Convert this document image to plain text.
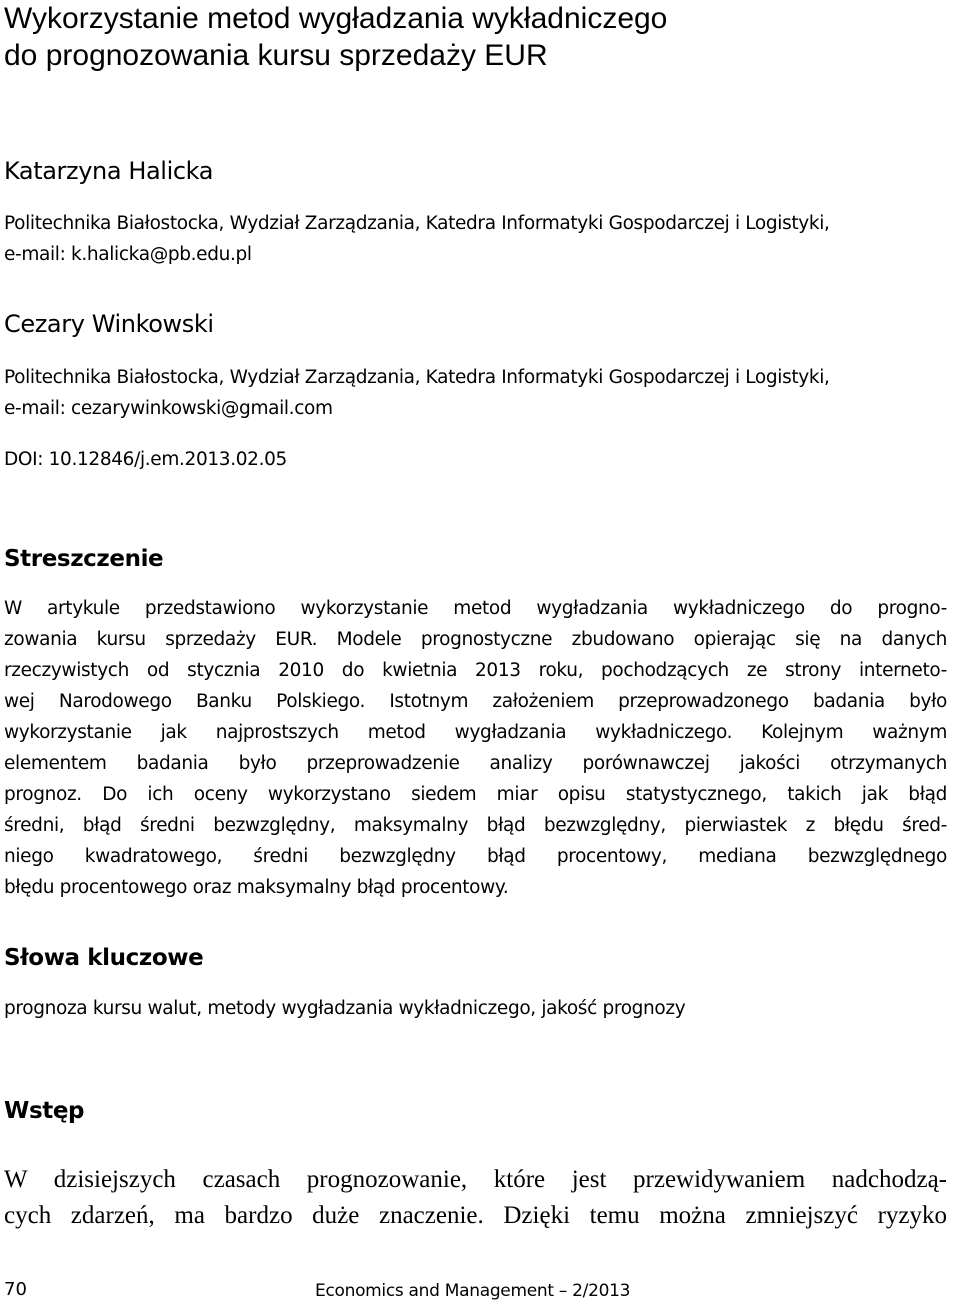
Wykorzystanie metod wygładzania wykładniczego
do prognozowania kursu sprzedaży EUR
Katarzyna Halicka
Politechnika Białostocka, Wydział Zarządzania, Katedra Informatyki Gospodarczej i Logistyki,
e-mail: k.halicka@pb.edu.pl
Cezary Winkowski
Politechnika Białostocka, Wydział Zarządzania, Katedra Informatyki Gospodarczej i Logistyki,
e-mail: cezarywinkowski@gmail.com
DOI: 10.12846/j.em.2013.02.05
Streszczenie
W artykule przedstawiono wykorzystanie metod wygładzania wykładniczego do progno-
zowania kursu sprzedaży EUR. Modele prognostyczne zbudowano opierając się na danych
rzeczywistych od stycznia 2010 do kwietnia 2013 roku, pochodzących ze strony interneto-
wej Narodowego Banku Polskiego. Istotnym założeniem przeprowadzonego badania było
wykorzystanie jak najprostszych metod wygładzania wykładniczego. Kolejnym ważnym
elementem badania było przeprowadzenie analizy porównawczej jakości otrzymanych
prognoz. Do ich oceny wykorzystano siedem miar opisu statystycznego, takich jak błąd
średni, błąd średni bezwzględny, maksymalny błąd bezwzględny, pierwiastek z błędu śred-
niego kwadratowego, średni bezwzględny błąd procentowy, mediana bezwzględnego
błędu procentowego oraz maksymalny błąd procentowy.
Słowa kluczowe
prognoza kursu walut, metody wygładzania wykładniczego, jakość prognozy
Wstęp
W dzisiejszych czasach prognozowanie, które jest przewidywaniem nadchodzą-
cych zdarzeń, ma bardzo duże znaczenie. Dzięki temu można zmniejszyć ryzyko
70	Economics and Management – 2/2013
